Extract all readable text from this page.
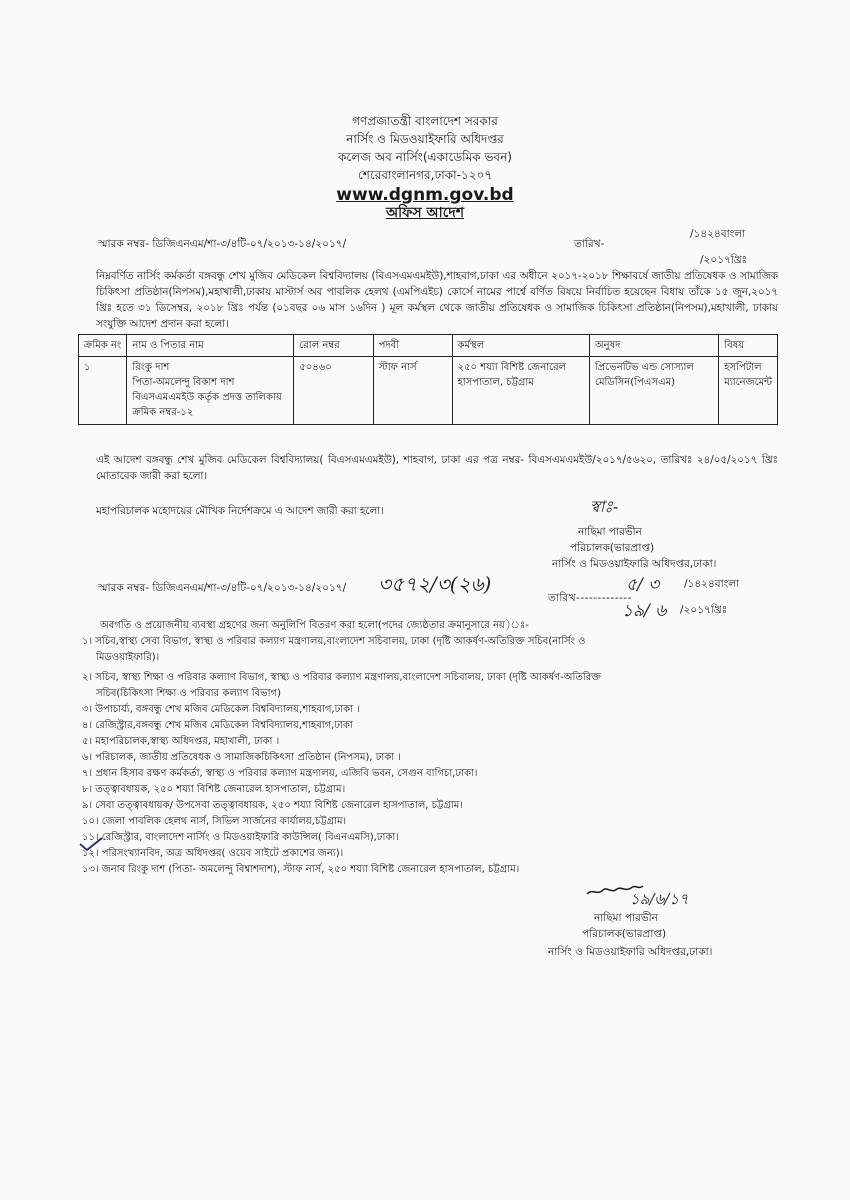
গণপ্রজাতন্ত্রী বাংলাদেশ সরকার
নার্সিং ও মিডওয়াইফারি অধিদপ্তর
কলেজ অব নার্সিং(একাডেমিক ভবন)
শেরেবাংলানগর,ঢাকা-১২০৭
www.dgnm.gov.bd
অফিস আদেশ
স্মারক নম্বর- ডিজিএনএম/শা-৩/৪টি-০৭/২০১৩-১৪/২০১৭/	তারিখ-
/১৪২৪বাংলা
/২০১৭খ্রিঃ
নিম্নবর্ণিত নার্সিং কর্মকর্তা বঙ্গবন্ধু শেখ মুজিব মেডিকেল বিশ্ববিদ্যালয় (বিএসএমএমইউ),শাহবাগ,ঢাকা এর অধীনে ২০১৭-২০১৮ শিক্ষাবর্ষে জাতীয় প্রতিষেধক ও সামাজিক চিকিৎসা প্রতিষ্ঠান(নিপসম),মহাখালী,ঢাকায় মাস্টার্স অব পাবলিক হেলথ (এমপিএইচ) কোর্সে নামের পার্শ্বে বর্ণিত বিষয়ে নির্বাচিত হয়েছেন বিধায় তাঁকে ১৫ জুন,২০১৭ খ্রিঃ হতে ৩১ ডিসেম্বর, ২০১৮ খ্রিঃ পর্যন্ত (০১বছর ০৬ মাস ১৬দিন ) মূল কর্মস্থল থেকে জাতীয় প্রতিষেধক ও সামাজিক চিকিৎসা প্রতিষ্ঠান(নিপসম),মহাখালী, ঢাকায় সংযুক্তি আদেশ প্রদান করা হলো।
ক্রমিক নং	নাম ও পিতার নাম	রোল নম্বর	পদবী	কর্মস্থল	অনুষদ	বিষয়
১	রিংকু দাশ
পিতা-অমলেন্দু বিকাশ দাশ
বিএসএমএমইউ কর্তৃক প্রদত্ত তালিকায় ক্রমিক নম্বর-১২	৫০৪৬০	স্টাফ নার্স	২৫০ শয্যা বিশিষ্ট জেনারেল হাসপাতাল, চট্টগ্রাম	প্রিভেনটিভ এন্ড সোস্যাল মেডিসিন(পিএসএম)	হসপিটাল ম্যানেজমেন্ট
এই আদেশ বঙ্গবন্ধু শেখ মুজিব মেডিকেল বিশ্ববিদ্যালয়( বিএসএমএমইউ), শাহবাগ, ঢাকা এর পত্র নম্বর- বিএসএমএমইউ/২০১৭/৫৬২০, তারিখঃ ২৪/০৫/২০১৭ খ্রিঃ মোতাবেক জারী করা হলো।
মহাপরিচালক মহোদয়ের মৌখিক নির্দেশক্রমে এ আদেশ জারী করা হলো।	স্বাঃ-
নাছিমা পারভীন
পরিচালক(ভারপ্রাপ্ত)
নার্সিং ও মিডওয়াইফারি অধিদপ্তর,ঢাকা।
স্মারক নম্বর- ডিজিএনএম/শা-৩/৪টি-০৭/২০১৩-১৪/২০১৭/ ৩৫৭২/৩(২৬)	৫/ ৩ /১৪২৪বাংলা
তারিখ-------------
১৯/ ৬ /২০১৭খ্রিঃ
অবগতি ও প্রয়োজনীয় ব্যবস্থা গ্রহণের জন্য অনুলিপি বিতরণ করা হলো(পদের জ্যেষ্ঠতার ক্রমানুসারে নয়)ঃ-
১। সচিব,স্বাস্থ্য সেবা বিভাগ, স্বাস্থ্য ও পরিবার কল্যাণ মন্ত্রণালয়,বাংলাদেশ সচিবালয়, ঢাকা (দৃষ্টি আকর্ষণ-অতিরিক্ত সচিব(নার্সিং ও
মিডওয়াইফারি)।
২। সচিব, স্বাস্থ্য শিক্ষা ও পরিবার কল্যাণ বিভাগ, স্বাস্থ্য ও পরিবার কল্যাণ মন্ত্রণালয়,বাংলাদেশ সচিবালয়, ঢাকা (দৃষ্টি আকর্ষণ-অতিরিক্ত
সচিব(চিকিৎসা শিক্ষা ও পরিবার কল্যাণ বিভাগ)
৩। উপাচার্য্য, বঙ্গবন্ধু শেখ মজিব মেডিকেল বিশ্ববিদ্যালয়,শাহবাগ,ঢাকা ।
৪। রেজিস্ট্রার,বঙ্গবন্ধু শেখ মজিব মেডিকেল বিশ্ববিদ্যালয়,শাহবাগ,ঢাকা
৫। মহাপরিচালক,স্বাস্থ্য অধিদপ্তর, মহাখালী, ঢাকা ।
৬। পরিচালক, জাতীয় প্রতিষেধক ও সামাজিকচিকিৎসা প্রতিষ্ঠান (নিপসম), ঢাকা ।
৭। প্রধান হিসাব রক্ষণ কর্মকর্তা, স্বাস্থ্য ও পরিবার কল্যাণ মন্ত্রণালয়, এজিবি ভবন, সেগুন বাগিচা,ঢাকা।
৮। তত্ত্বাবধায়ক, ২৫০ শয্যা বিশিষ্ট জেনারেল হাসপাতাল, চট্টগ্রাম।
৯। সেবা তত্ত্বাবধায়ক/ উপসেবা তত্ত্বাবধায়ক, ২৫০ শয্যা বিশিষ্ট জেনারেল হাসপাতাল, চট্টগ্রাম।
১০। জেলা পাবলিক হেলথ নার্স, সিভিল সার্জনের কার্যালয়,চট্টগ্রাম।
১১। রেজিস্ট্রার, বাংলাদেশ নার্সিং ও মিডওয়াইফারি কাউন্সিল( বিএনএমসি),ঢাকা।
১২। পরিসংখ্যানবিদ, অত্র অধিদপ্তর( ওয়েব সাইটে প্রকাশের জন্য)।
১৩। জনাব রিংকু দাশ (পিতা- অমলেন্দু বিশ্বাশদাশ), স্টাফ নার্স, ২৫০ শয্যা বিশিষ্ট জেনারেল হাসপাতাল, চট্টগ্রাম।
১৯/৬/১৭
নাছিমা পারভীন
পরিচালক(ভারপ্রাপ্ত)
নার্সিং ও মিডওয়াইফারি অধিদপ্তর,ঢাকা।
